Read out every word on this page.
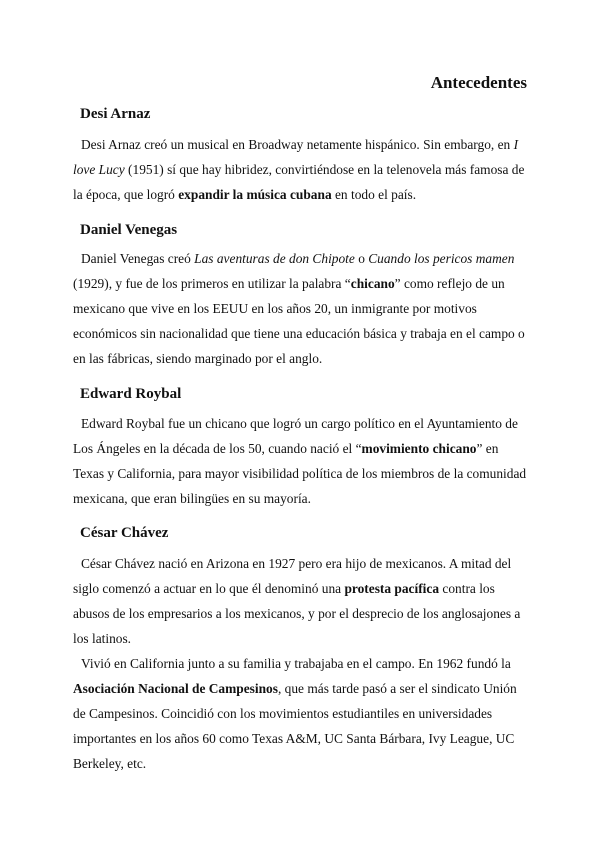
Antecedentes
Desi Arnaz

Desi Arnaz creó un musical en Broadway netamente hispánico. Sin embargo, en I love Lucy (1951) sí que hay hibridez, convirtiéndose en la telenovela más famosa de la época, que logró expandir la música cubana en todo el país.

Daniel Venegas

Daniel Venegas creó Las aventuras de don Chipote o Cuando los pericos mamen (1929), y fue de los primeros en utilizar la palabra “chicano” como reflejo de un mexicano que vive en los EEUU en los años 20, un inmigrante por motivos económicos sin nacionalidad que tiene una educación básica y trabaja en el campo o en las fábricas, siendo marginado por el anglo.

Edward Roybal

Edward Roybal fue un chicano que logró un cargo político en el Ayuntamiento de Los Ángeles en la década de los 50, cuando nació el “movimiento chicano” en Texas y California, para mayor visibilidad política de los miembros de la comunidad mexicana, que eran bilingües en su mayoría.

César Chávez

César Chávez nació en Arizona en 1927 pero era hijo de mexicanos. A mitad del siglo comenzó a actuar en lo que él denominó una protesta pacífica contra los abusos de los empresarios a los mexicanos, y por el desprecio de los anglosajones a los latinos.

Vivió en California junto a su familia y trabajaba en el campo. En 1962 fundó la Asociación Nacional de Campesinos, que más tarde pasó a ser el sindicato Unión de Campesinos. Coincidió con los movimientos estudiantiles en universidades importantes en los años 60 como Texas A&M, UC Santa Bárbara, Ivy League, UC Berkeley, etc.
